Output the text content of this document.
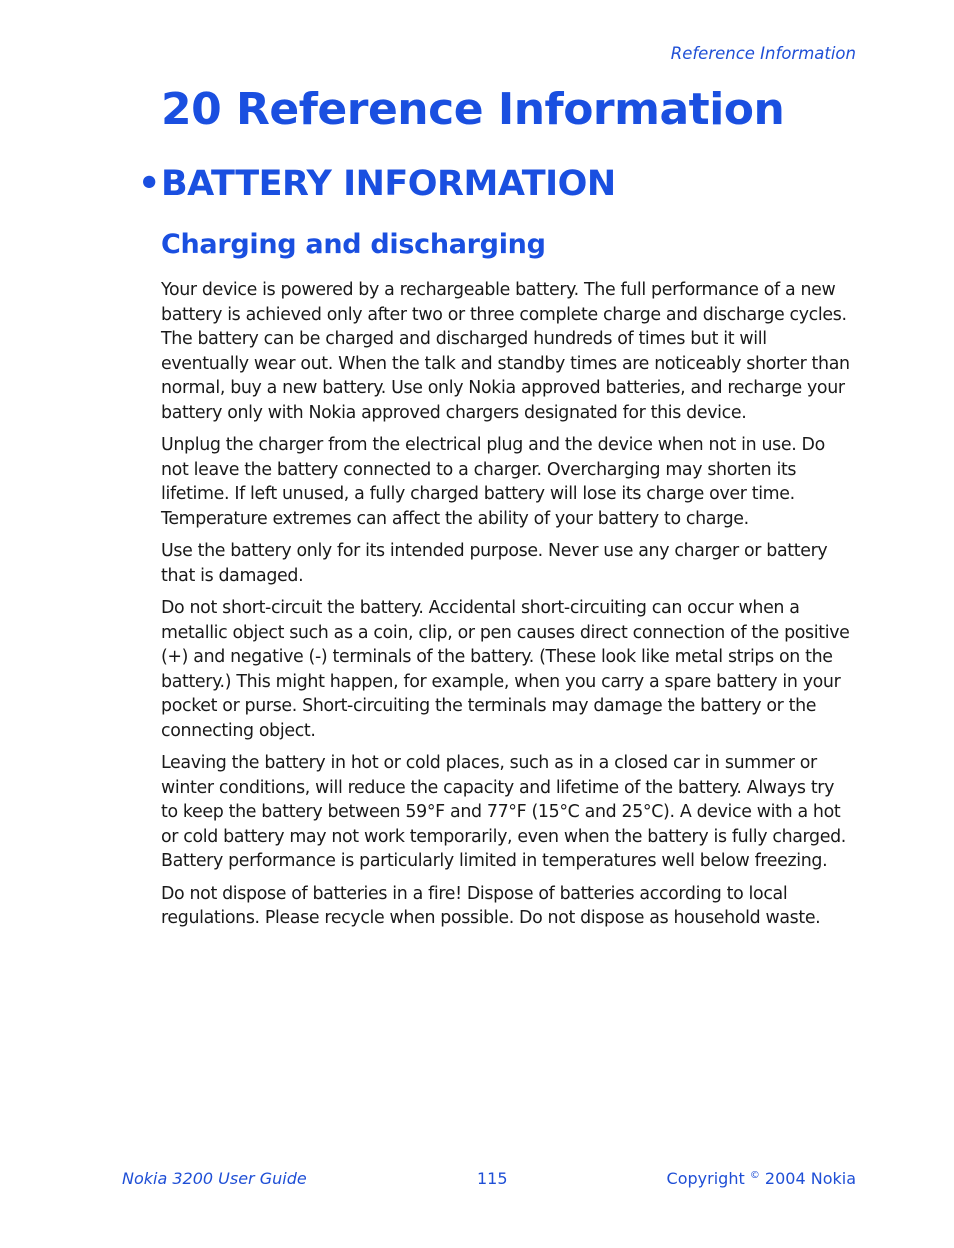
Reference Information
20 Reference Information
•BATTERY INFORMATION
Charging and discharging

Your device is powered by a rechargeable battery. The full performance of a new battery is achieved only after two or three complete charge and discharge cycles. The battery can be charged and discharged hundreds of times but it will eventually wear out. When the talk and standby times are noticeably shorter than normal, buy a new battery. Use only Nokia approved batteries, and recharge your battery only with Nokia approved chargers designated for this device.

Unplug the charger from the electrical plug and the device when not in use. Do not leave the battery connected to a charger. Overcharging may shorten its lifetime. If left unused, a fully charged battery will lose its charge over time. Temperature extremes can affect the ability of your battery to charge.

Use the battery only for its intended purpose. Never use any charger or battery that is damaged.

Do not short-circuit the battery. Accidental short-circuiting can occur when a metallic object such as a coin, clip, or pen causes direct connection of the positive (+) and negative (-) terminals of the battery. (These look like metal strips on the battery.) This might happen, for example, when you carry a spare battery in your pocket or purse. Short-circuiting the terminals may damage the battery or the connecting object.

Leaving the battery in hot or cold places, such as in a closed car in summer or winter conditions, will reduce the capacity and lifetime of the battery. Always try to keep the battery between 59°F and 77°F (15°C and 25°C). A device with a hot or cold battery may not work temporarily, even when the battery is fully charged. Battery performance is particularly limited in temperatures well below freezing.

Do not dispose of batteries in a fire! Dispose of batteries according to local regulations. Please recycle when possible. Do not dispose as household waste.

Nokia 3200 User Guide	115	Copyright © 2004 Nokia
